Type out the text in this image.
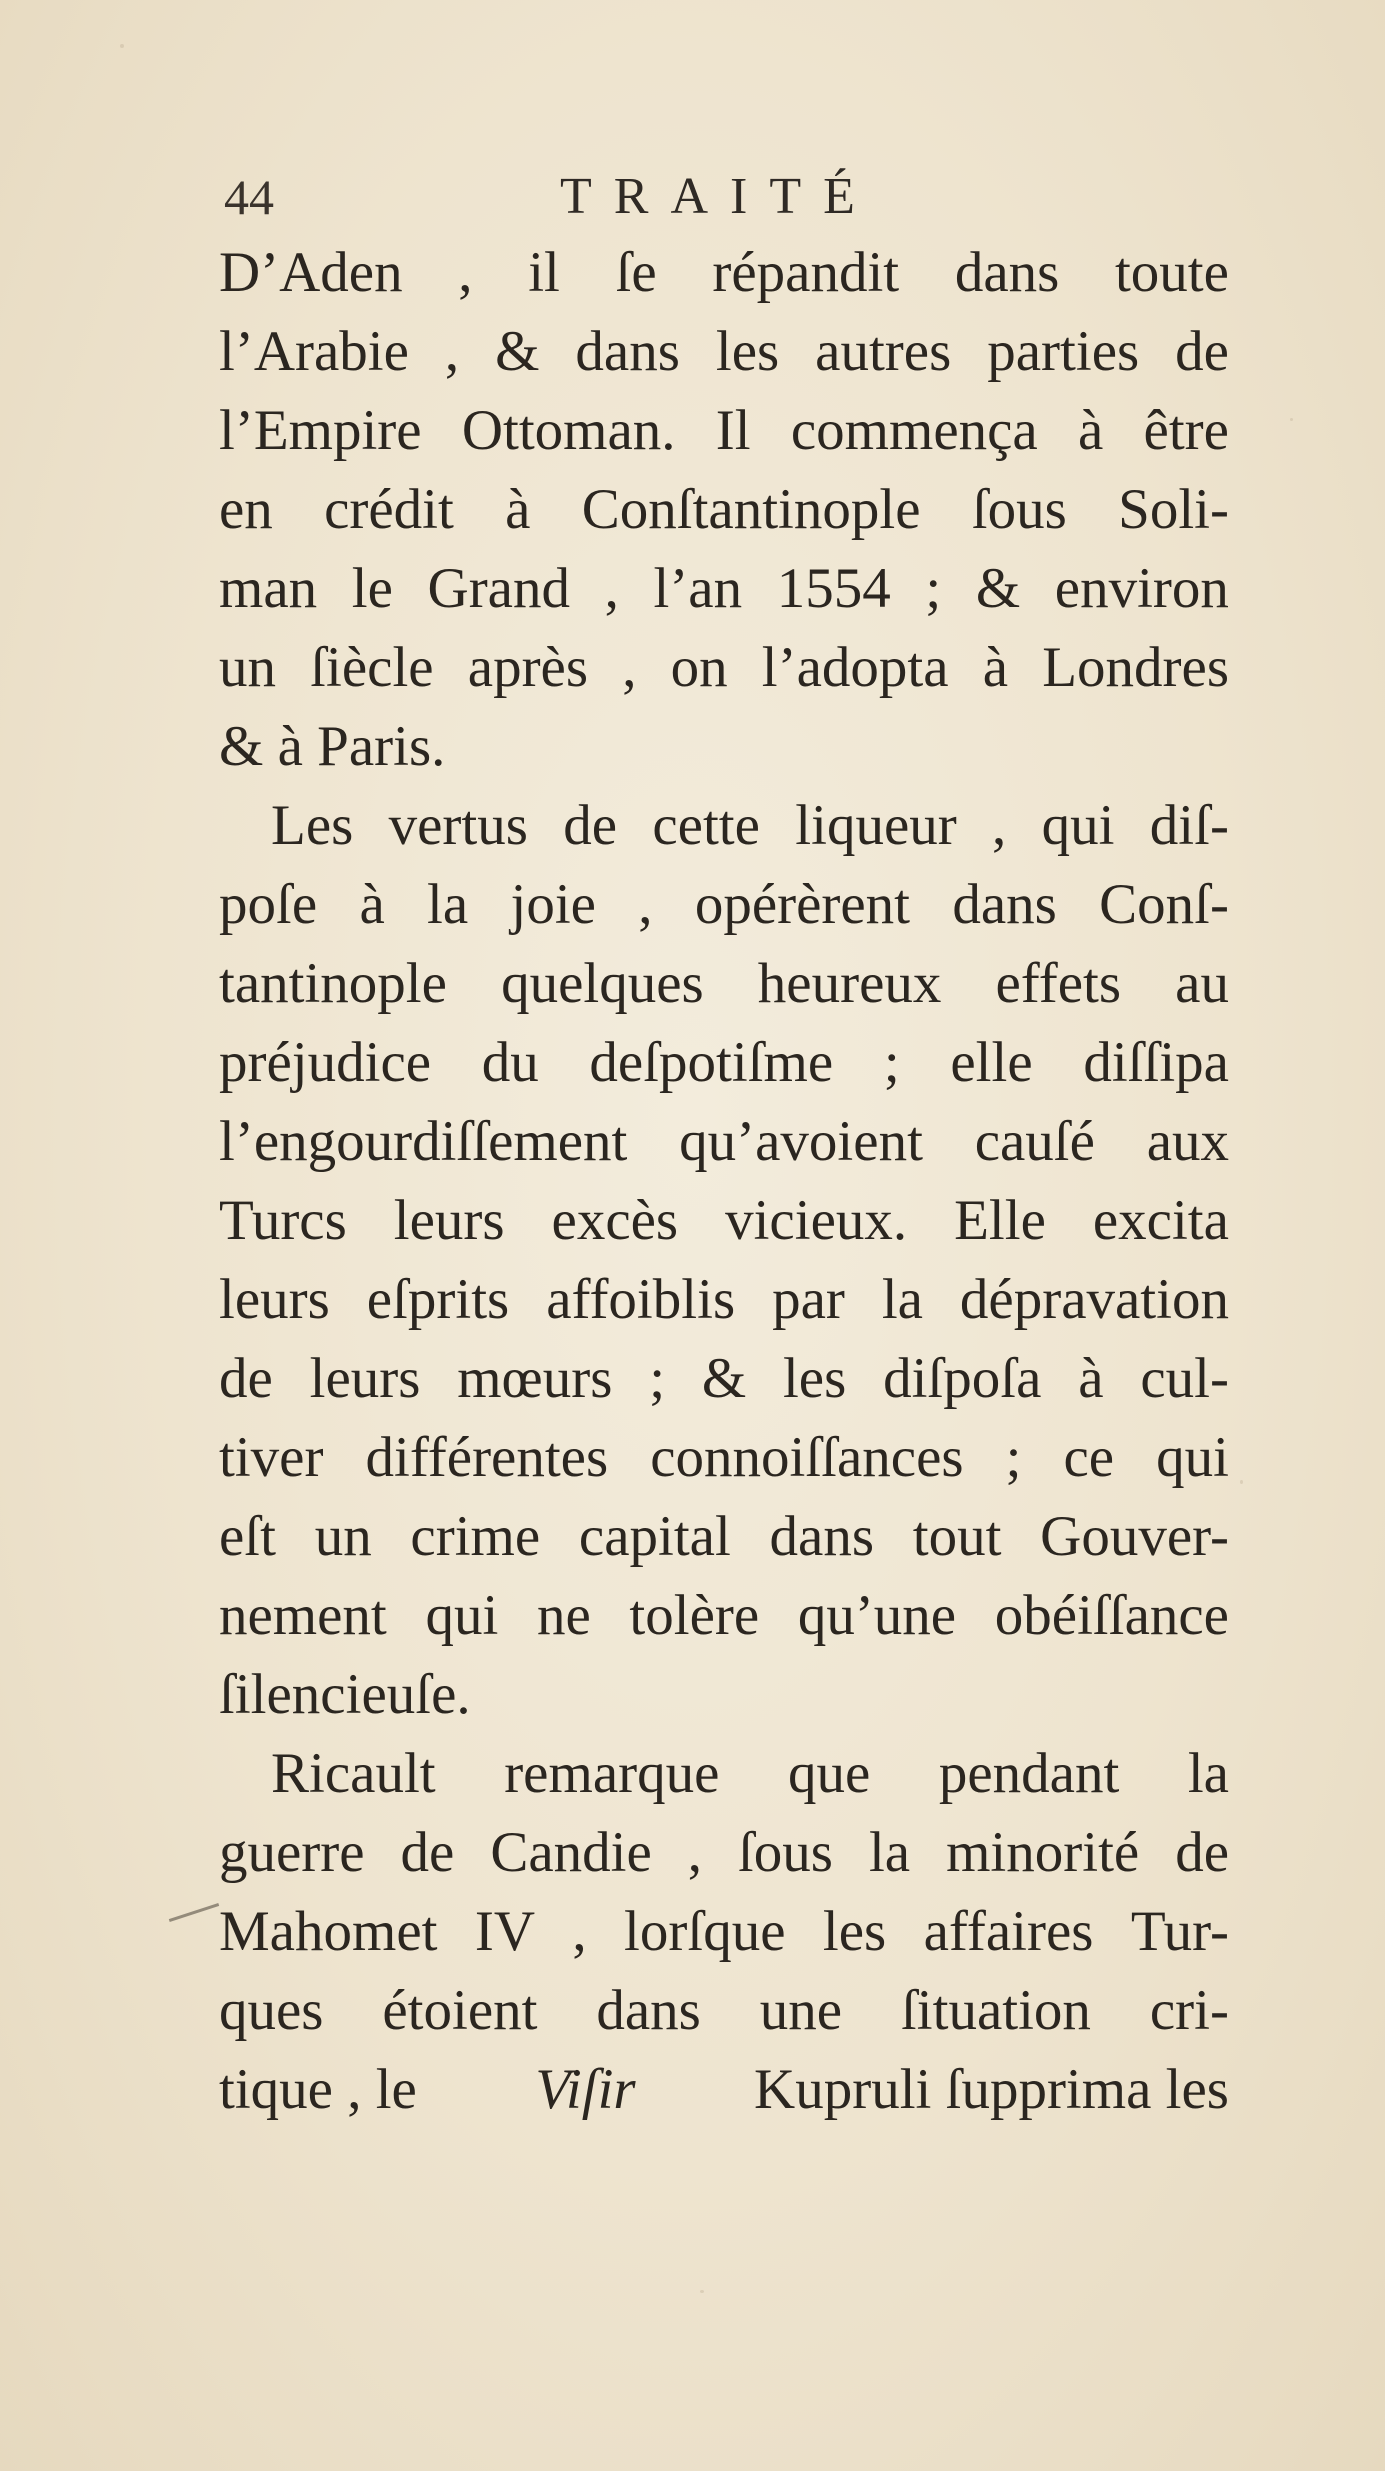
44	TRAITÉ
D’Aden , il ſe répandit dans toute
l’Arabie , & dans les autres parties de
l’Empire Ottoman. Il commença à être
en crédit à Conſtantinople ſous Soli-
man le Grand , l’an 1554 ; & environ
un ſiècle après , on l’adopta à Londres
& à Paris.
Les vertus de cette liqueur , qui diſ-
poſe à la joie , opérèrent dans Conſ-
tantinople quelques heureux effets au
préjudice du deſpotiſme ; elle diſſipa
l’engourdiſſement qu’avoient cauſé aux
Turcs leurs excès vicieux. Elle excita
leurs eſprits affoiblis par la dépravation
de leurs mœurs ; & les diſpoſa à cul-
tiver différentes connoiſſances ; ce qui
eſt un crime capital dans tout Gouver-
nement qui ne tolère qu’une obéiſſance
ſilencieuſe.
Ricault remarque que pendant la
guerre de Candie , ſous la minorité de
Mahomet IV , lorſque les affaires Tur-
ques étoient dans une ſituation cri-
tique , le Viſir Kupruli ſupprima les
